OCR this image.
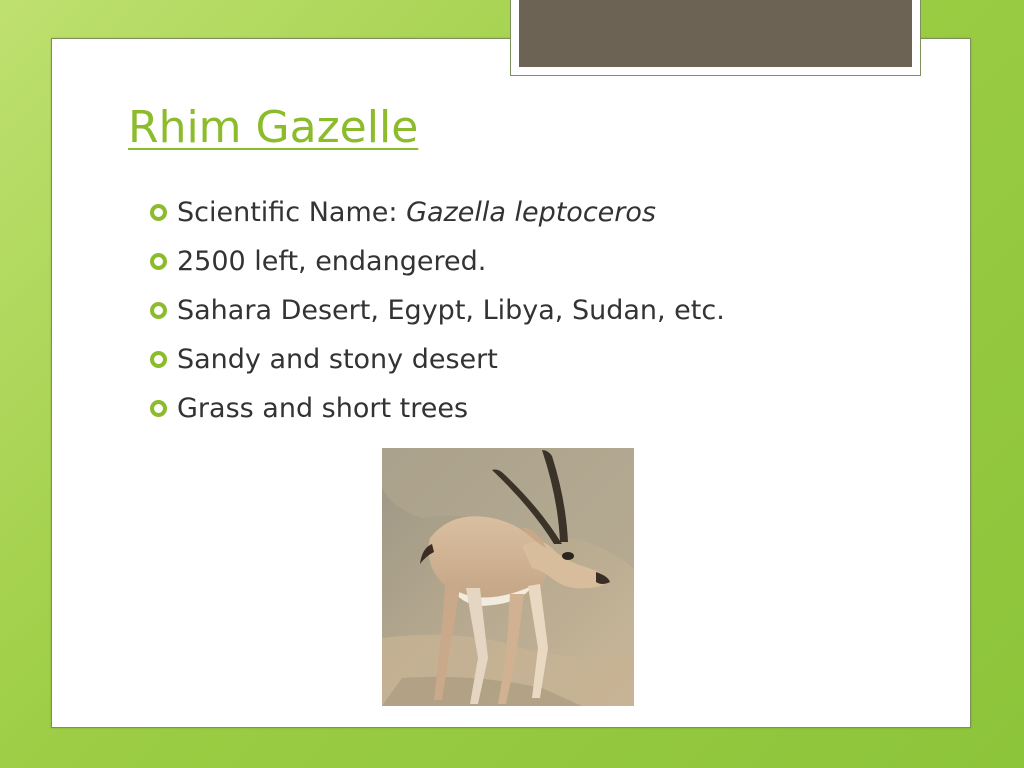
Rhim Gazelle
Scientific Name: Gazella leptoceros
2500 left, endangered.
Sahara Desert, Egypt, Libya, Sudan, etc.
Sandy and stony desert
Grass and short trees
